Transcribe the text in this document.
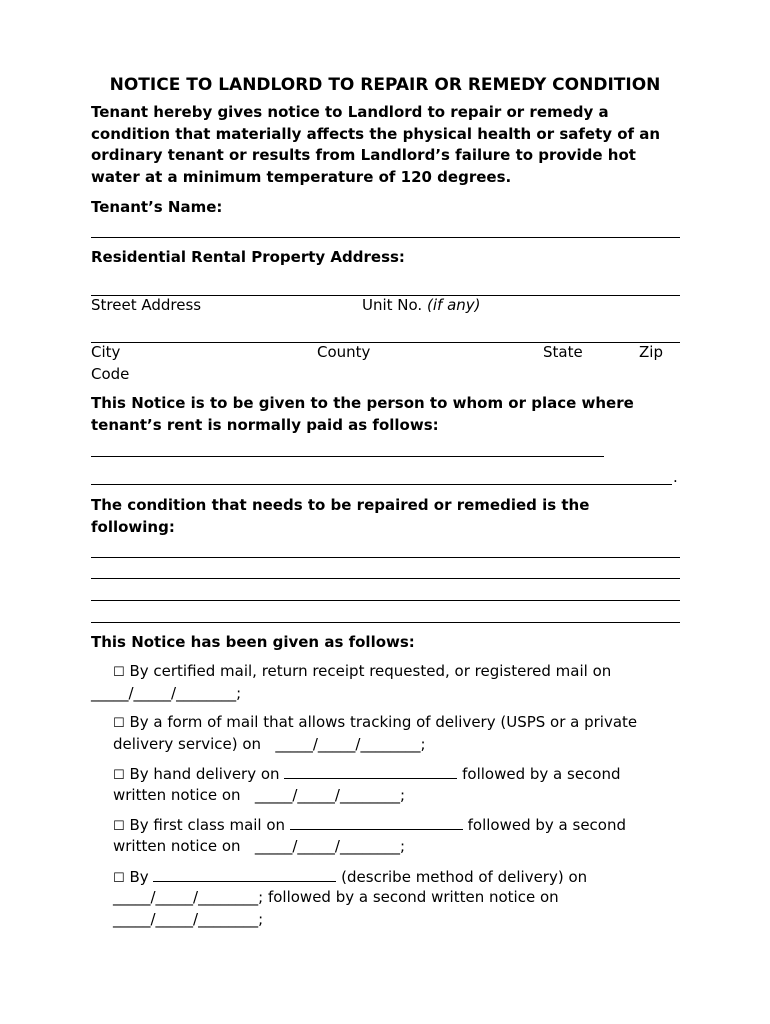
NOTICE TO LANDLORD TO REPAIR OR REMEDY CONDITION
Tenant hereby gives notice to Landlord to repair or remedy a
condition that materially affects the physical health or safety of an
ordinary tenant or results from Landlord’s failure to provide hot
water at a minimum temperature of 120 degrees.
Tenant’s Name:
Residential Rental Property Address:
Street Address	Unit No. (if any)
City	County	State	Zip
Code
This Notice is to be given to the person to whom or place where
tenant’s rent is normally paid as follows:
.
The condition that needs to be repaired or remedied is the
following:
This Notice has been given as follows:
☐ By certified mail, return receipt requested, or registered mail on
_____/_____/________;
☐ By a form of mail that allows tracking of delivery (USPS or a private
delivery service) on _____/_____/________;
☐ By hand delivery on	followed by a second
written notice on _____/_____/________;
☐ By first class mail on	followed by a second
written notice on _____/_____/________;
☐ By	(describe method of delivery) on
_____/_____/________; followed by a second written notice on
_____/_____/________;
